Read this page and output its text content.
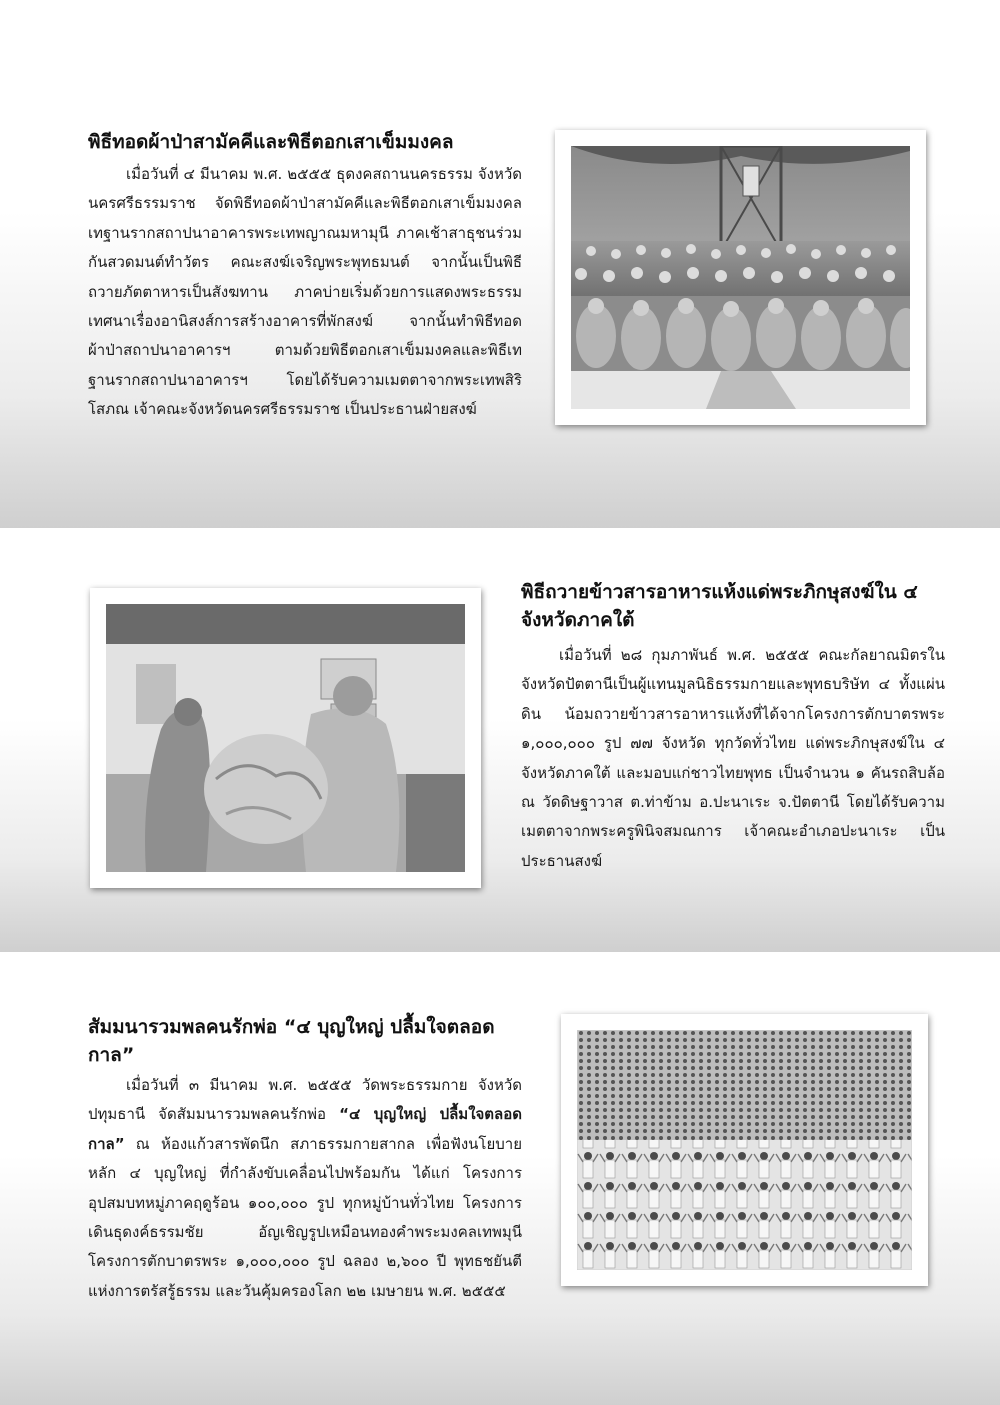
พิธีทอดผ้าป่าสามัคคีและพิธีตอกเสาเข็มมงคล

เมื่อวันที่ ๔ มีนาคม พ.ศ. ๒๕๕๕ ธุดงคสถานนครธรรม จังหวัดนครศรีธรรมราช จัดพิธีทอดผ้าป่าสามัคคีและพิธีตอกเสาเข็มมงคลเทฐานรากสถาปนาอาคารพระเทพญาณมหามุนี ภาคเช้าสาธุชนร่วมกันสวดมนต์ทำวัตร คณะสงฆ์เจริญพระพุทธมนต์ จากนั้นเป็นพิธีถวายภัตตาหารเป็นสังฆทาน ภาคบ่ายเริ่มด้วยการแสดงพระธรรมเทศนาเรื่องอานิสงส์การสร้างอาคารที่พักสงฆ์ จากนั้นทำพิธีทอดผ้าป่าสถาปนาอาคารฯ ตามด้วยพิธีตอกเสาเข็มมงคลและพิธีเทฐานรากสถาปนาอาคารฯ โดยได้รับความเมตตาจากพระเทพสิริโสภณ เจ้าคณะจังหวัดนครศรีธรรมราช เป็นประธานฝ่ายสงฆ์

พิธีถวายข้าวสารอาหารแห้งแด่พระภิกษุสงฆ์ใน ๔ จังหวัดภาคใต้

เมื่อวันที่ ๒๘ กุมภาพันธ์ พ.ศ. ๒๕๕๕ คณะกัลยาณมิตรในจังหวัดปัตตานีเป็นผู้แทนมูลนิธิธรรมกายและพุทธบริษัท ๔ ทั้งแผ่นดิน น้อมถวายข้าวสารอาหารแห้งที่ได้จากโครงการตักบาตรพระ ๑,๐๐๐,๐๐๐ รูป ๗๗ จังหวัด ทุกวัดทั่วไทย แด่พระภิกษุสงฆ์ใน ๔ จังหวัดภาคใต้ และมอบแก่ชาวไทยพุทธ เป็นจำนวน ๑ คันรถสิบล้อ ณ วัดดิษฐาวาส ต.ท่าข้าม อ.ปะนาเระ จ.ปัตตานี โดยได้รับความเมตตาจากพระครูพินิจสมณการ เจ้าคณะอำเภอปะนาเระ เป็นประธานสงฆ์

สัมมนารวมพลคนรักพ่อ “๔ บุญใหญ่ ปลื้มใจตลอดกาล”

เมื่อวันที่ ๓ มีนาคม พ.ศ. ๒๕๕๕ วัดพระธรรมกาย จังหวัดปทุมธานี จัดสัมมนารวมพลคนรักพ่อ “๔ บุญใหญ่ ปลื้มใจตลอดกาล” ณ ห้องแก้วสารพัดนึก สภาธรรมกายสากล เพื่อฟังนโยบายหลัก ๔ บุญใหญ่ ที่กำลังขับเคลื่อนไปพร้อมกัน ได้แก่ โครงการอุปสมบทหมู่ภาคฤดูร้อน ๑๐๐,๐๐๐ รูป ทุกหมู่บ้านทั่วไทย โครงการเดินธุดงค์ธรรมชัย อัญเชิญรูปเหมือนทองคำพระมงคลเทพมุนี โครงการตักบาตรพระ ๑,๐๐๐,๐๐๐ รูป ฉลอง ๒,๖๐๐ ปี พุทธชยันตีแห่งการตรัสรู้ธรรม และวันคุ้มครองโลก ๒๒ เมษายน พ.ศ. ๒๕๕๕
